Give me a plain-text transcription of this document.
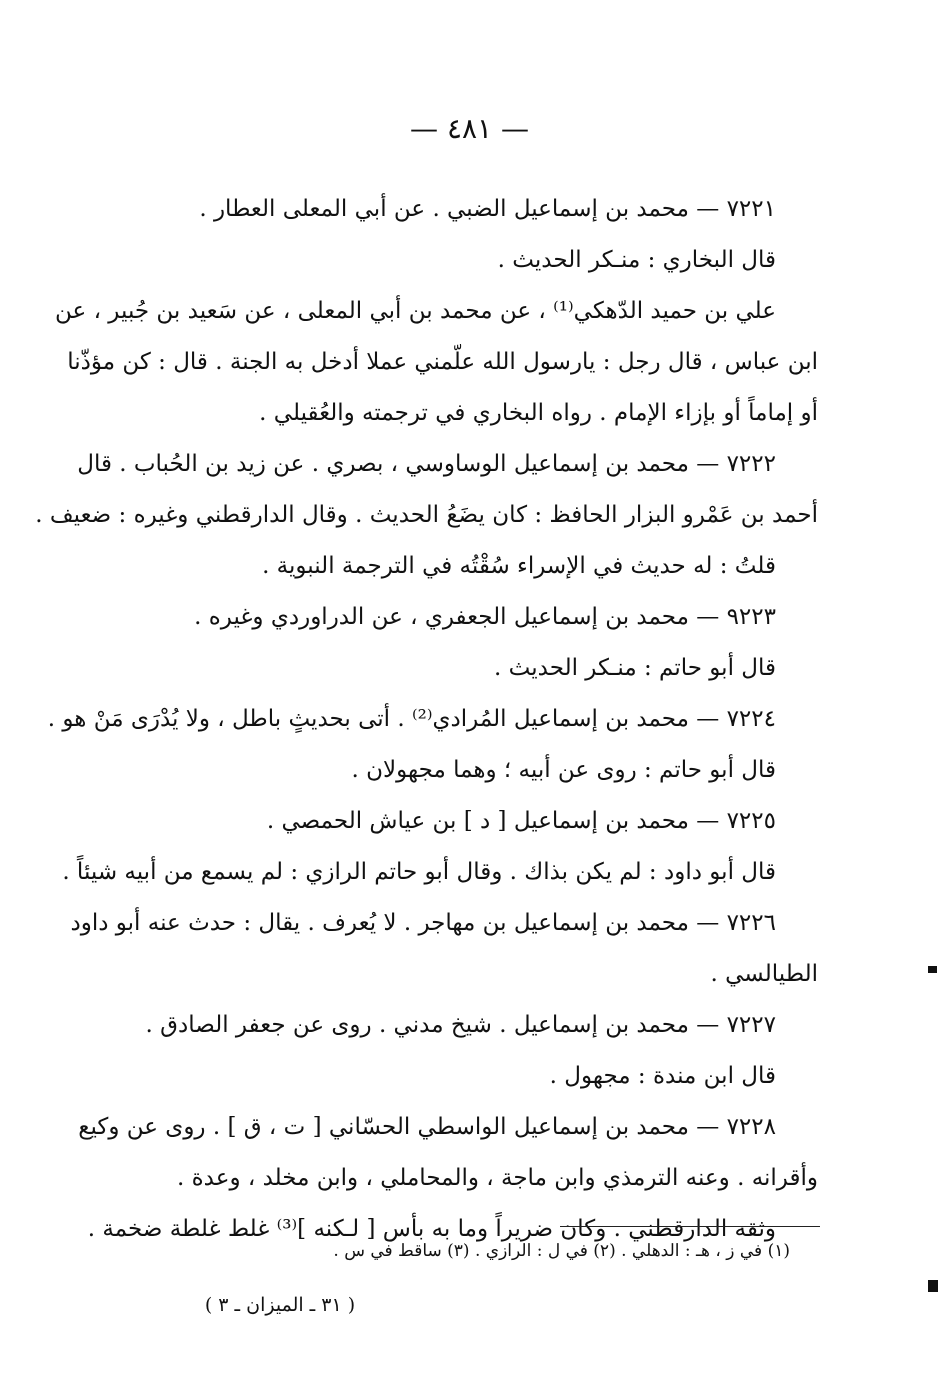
— ٤٨١ —
٧٢٢١ — محمد بن إسماعيل الضبي . عن أبي المعلى العطار .
قال البخاري : منـكر الحديث .
علي بن حميد الدّهكي⁽¹⁾ ، عن محمد بن أبي المعلى ، عن سَعيد بن جُبير ، عن
ابن عباس ، قال رجل : يارسول الله علّمني عملا أدخل به الجنة . قال : كن مؤذّنا
أو إماماً أو بإزاء الإمام . رواه البخاري في ترجمته والعُقيلي .
٧٢٢٢ — محمد بن إسماعيل الوساوسي ، بصري . عن زيد بن الحُباب . قال
أحمد بن عَمْرو البزار الحافظ : كان يضَعُ الحديث . وقال الدارقطني وغيره : ضعيف .
قلتُ : له حديث في الإسراء سُقْتُه في الترجمة النبوية .
٩٢٢٣ — محمد بن إسماعيل الجعفري ، عن الدراوردي وغيره .
قال أبو حاتم : منـكر الحديث .
٧٢٢٤ — محمد بن إسماعيل المُرادي⁽²⁾ . أتى بحديثٍ باطل ، ولا يُدْرَى مَنْ هو .
قال أبو حاتم : روى عن أبيه ؛ وهما مجهولان .
٧٢٢٥ — محمد بن إسماعيل [ د ] بن عياش الحمصي .
قال أبو داود : لم يكن بذاك . وقال أبو حاتم الرازي : لم يسمع من أبيه شيئاً .
٧٢٢٦ — محمد بن إسماعيل بن مهاجر . لا يُعرف . يقال : حدث عنه أبو داود
الطيالسي .
٧٢٢٧ — محمد بن إسماعيل . شيخ مدني . روى عن جعفر الصادق .
قال ابن مندة : مجهول .
٧٢٢٨ — محمد بن إسماعيل الواسطي الحسّاني [ ت ، ق ] . روى عن وكيع
وأقرانه . وعنه الترمذي وابن ماجة ، والمحاملي ، وابن مخلد ، وعدة .
وثقه الدارقطني . وكان ضريراً وما به بأس [ لـكنه ]⁽³⁾ غلط غلطة ضخمة .
(١) في ز ، هـ : الدهلي . (٢) في ل : الرازي . (٣) ساقط في س .
( ٣١ ـ الميزان ـ ٣ )
